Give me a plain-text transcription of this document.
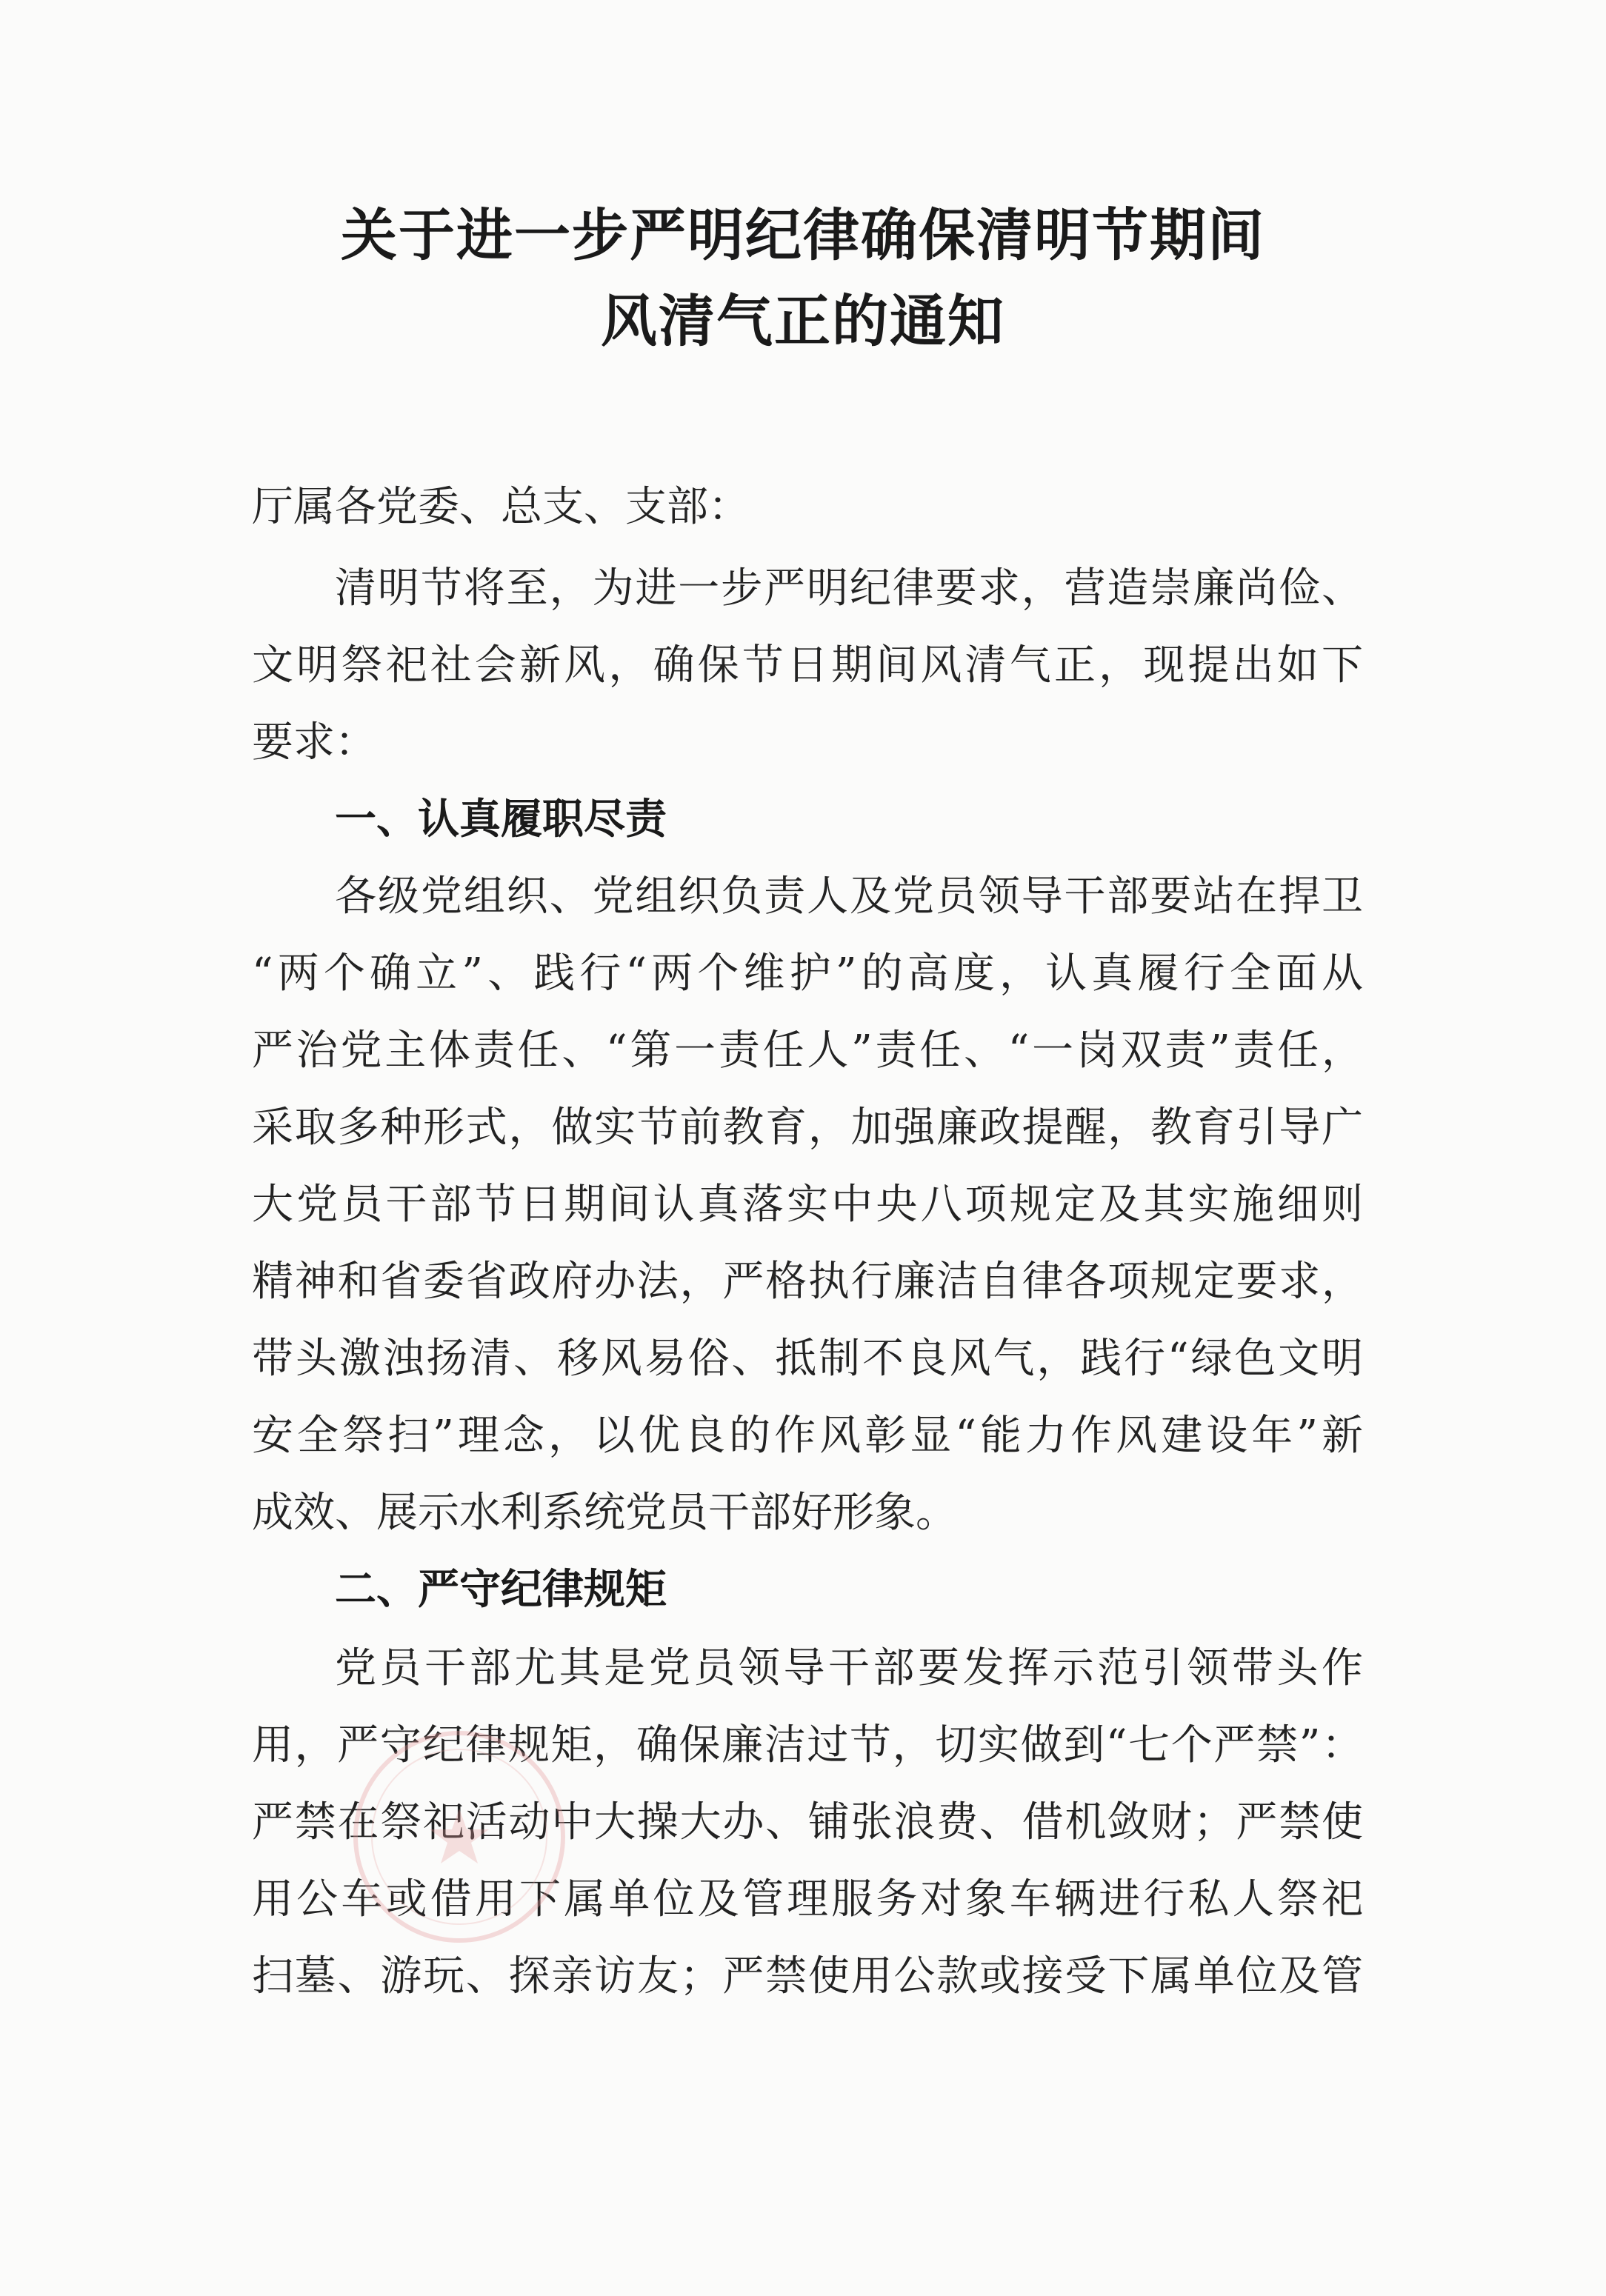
关于进一步严明纪律确保清明节期间
风清气正的通知

厅属各党委、总支、支部：

清明节将至，为进一步严明纪律要求，营造崇廉尚俭、

文明祭祀社会新风，确保节日期间风清气正，现提出如下

要求：

一、认真履职尽责

各级党组织、党组织负责人及党员领导干部要站在捍卫

“两个确立”、践行“两个维护”的高度，认真履行全面从

严治党主体责任、“第一责任人”责任、“一岗双责”责任，

采取多种形式，做实节前教育，加强廉政提醒，教育引导广

大党员干部节日期间认真落实中央八项规定及其实施细则

精神和省委省政府办法，严格执行廉洁自律各项规定要求，

带头激浊扬清、移风易俗、抵制不良风气，践行“绿色文明

安全祭扫”理念，以优良的作风彰显“能力作风建设年”新

成效、展示水利系统党员干部好形象。

二、严守纪律规矩

党员干部尤其是党员领导干部要发挥示范引领带头作

用，严守纪律规矩，确保廉洁过节，切实做到“七个严禁”：

严禁在祭祀活动中大操大办、铺张浪费、借机敛财；严禁使

用公车或借用下属单位及管理服务对象车辆进行私人祭祀

扫墓、游玩、探亲访友；严禁使用公款或接受下属单位及管
